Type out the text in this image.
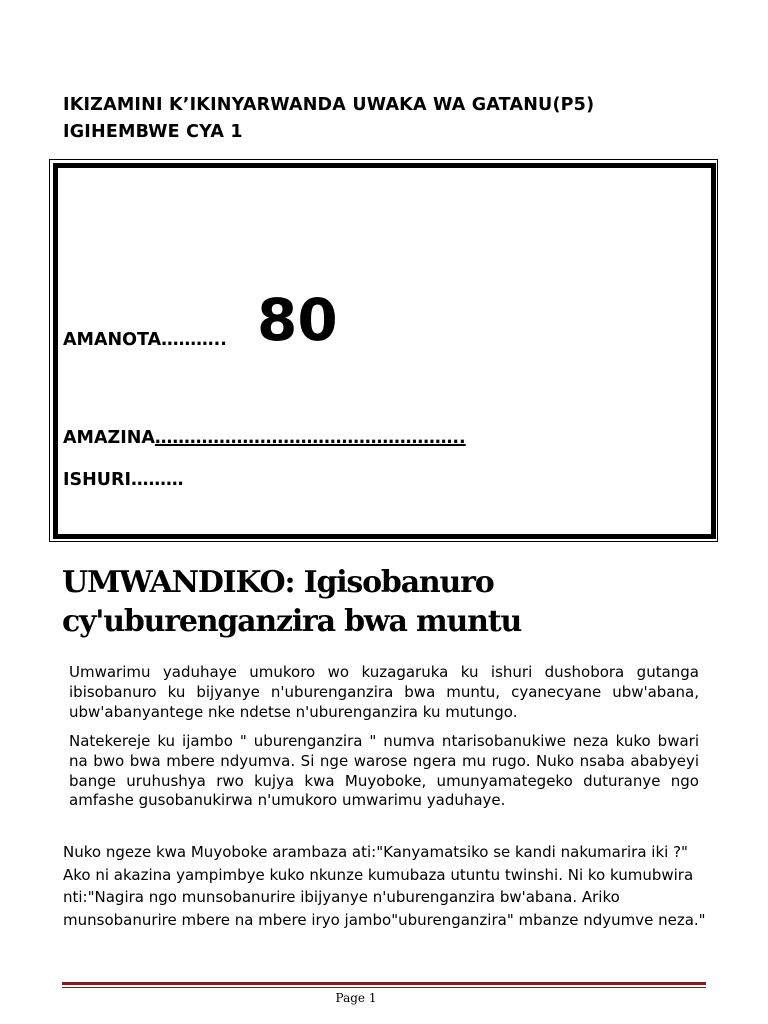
IKIZAMINI K’IKINYARWANDA UWAKA WA GATANU(P5)
IGIHEMBWE CYA 1
AMANOTA……….. 80
AMAZINA……………………………………………..
ISHURI………
UMWANDIKO: Igisobanuro
cy'uburenganzira bwa muntu
Umwarimu yaduhaye umukoro wo kuzagaruka ku ishuri dushobora gutanga ibisobanuro ku bijyanye n'uburenganzira bwa muntu, cyanecyane ubw'abana, ubw'abanyantege nke ndetse n'uburenganzira ku mutungo.
Natekereje ku ijambo " uburenganzira " numva ntarisobanukiwe neza kuko bwari na bwo bwa mbere ndyumva. Si nge warose ngera mu rugo. Nuko nsaba ababyeyi bange uruhushya rwo kujya kwa Muyoboke, umunyamategeko duturanye ngo amfashe gusobanukirwa n'umukoro umwarimu yaduhaye.
Nuko ngeze kwa Muyoboke arambaza ati:"Kanyamatsiko se kandi nakumarira iki ?" Ako ni akazina yampimbye kuko nkunze kumubaza utuntu twinshi. Ni ko kumubwira nti:"Nagira ngo munsobanurire ibijyanye n'uburenganzira bw'abana. Ariko munsobanurire mbere na mbere iryo jambo"uburenganzira" mbanze ndyumve neza."
Page 1
